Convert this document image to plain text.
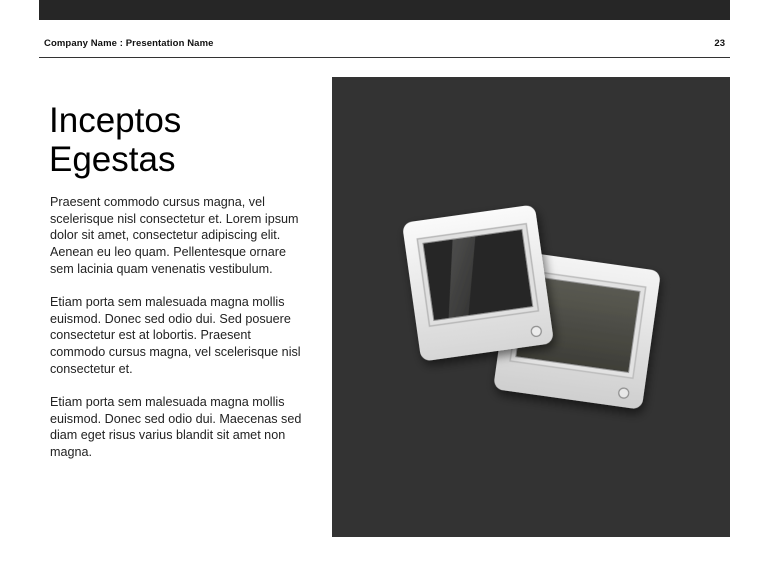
Company Name : Presentation Name	23
Inceptos
Egestas

Praesent commodo cursus magna, vel scelerisque nisl consectetur et. Lorem ipsum dolor sit amet, consectetur adipiscing elit. Aenean eu leo quam. Pellentesque ornare sem lacinia quam venenatis vestibulum.

Etiam porta sem malesuada magna mollis euismod. Donec sed odio dui. Sed posuere consectetur est at lobortis. Praesent commodo cursus magna, vel scelerisque nisl consectetur et.

Etiam porta sem malesuada magna mollis euismod. Donec sed odio dui. Maecenas sed diam eget risus varius blandit sit amet non magna.
